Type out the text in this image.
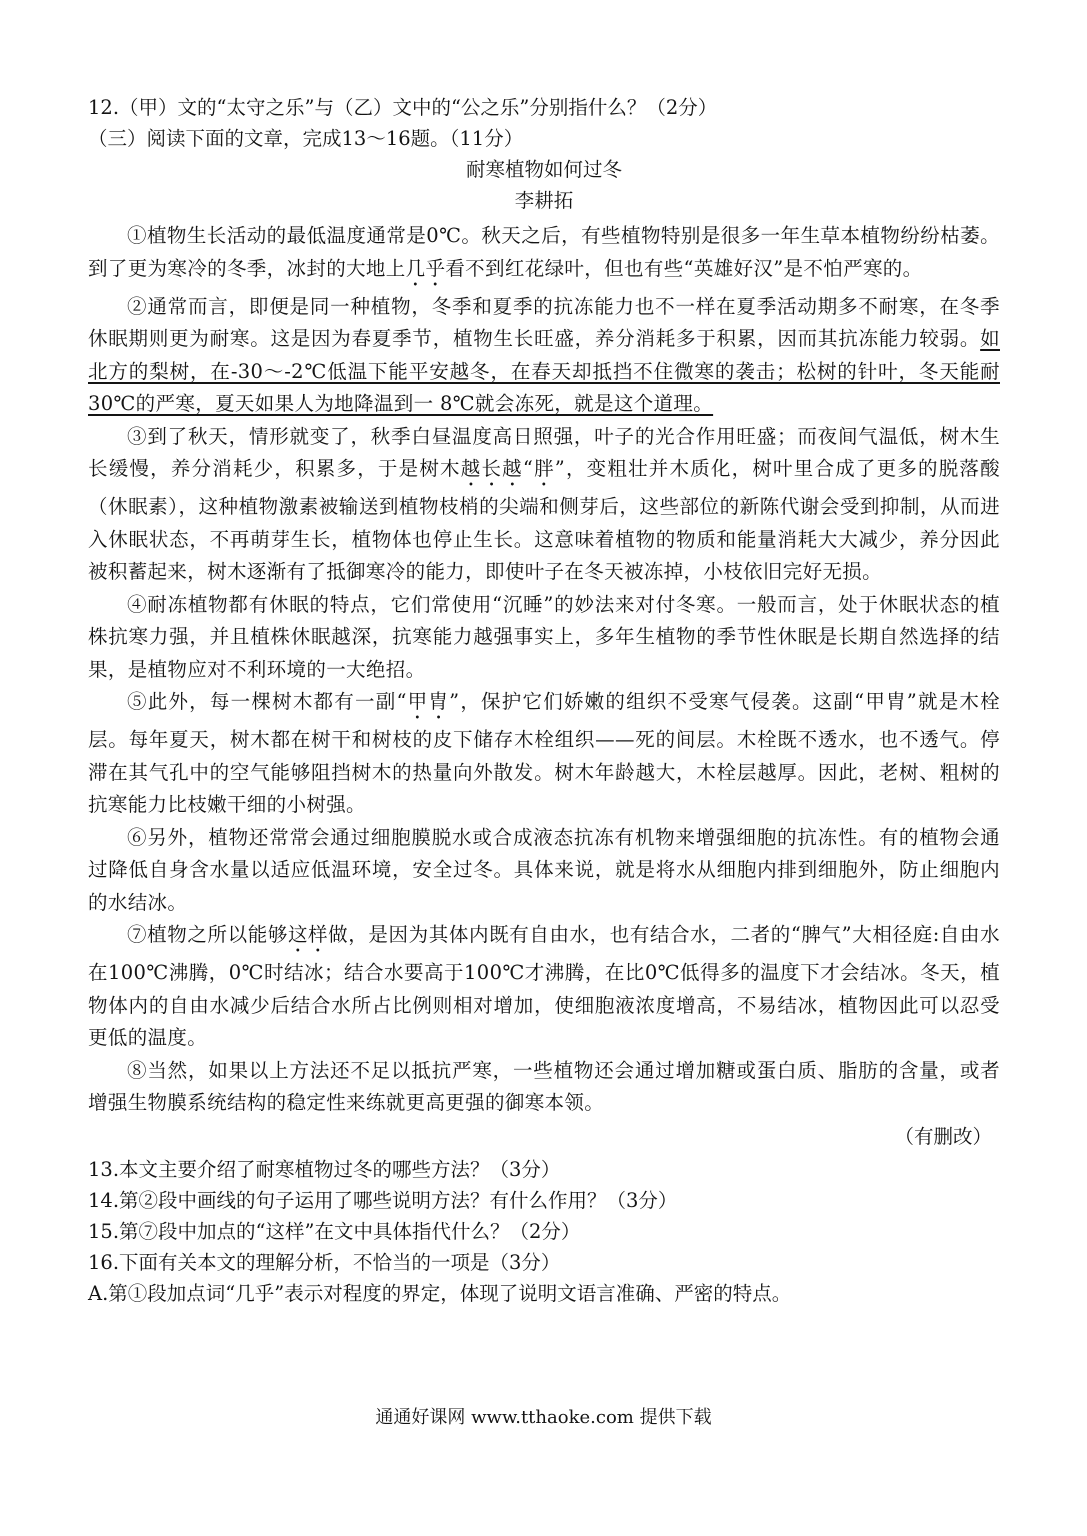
12.（甲）文的“太守之乐”与（乙）文中的“公之乐”分别指什么？（2分）
（三）阅读下面的文章，完成13～16题。（11分）
耐寒植物如何过冬
李耕拓

①植物生长活动的最低温度通常是0℃。秋天之后，有些植物特别是很多一年生草本植物纷纷枯萎。到了更为寒冷的冬季，冰封的大地上几乎看不到红花绿叶，但也有些“英雄好汉”是不怕严寒的。

②通常而言，即便是同一种植物，冬季和夏季的抗冻能力也不一样在夏季活动期多不耐寒，在冬季休眠期则更为耐寒。这是因为春夏季节，植物生长旺盛，养分消耗多于积累，因而其抗冻能力较弱。如北方的梨树，在-30～-2℃低温下能平安越冬，在春天却抵挡不住微寒的袭击；松树的针叶，冬天能耐30℃的严寒，夏天如果人为地降温到一 8℃就会冻死，就是这个道理。

③到了秋天，情形就变了，秋季白昼温度高日照强，叶子的光合作用旺盛；而夜间气温低，树木生长缓慢，养分消耗少，积累多，于是树木越长越“胖”，变粗壮并木质化，树叶里合成了更多的脱落酸（休眠素），这种植物激素被输送到植物枝梢的尖端和侧芽后，这些部位的新陈代谢会受到抑制，从而进入休眠状态，不再萌芽生长，植物体也停止生长。这意味着植物的物质和能量消耗大大减少，养分因此被积蓄起来，树木逐渐有了抵御寒冷的能力，即使叶子在冬天被冻掉，小枝依旧完好无损。

④耐冻植物都有休眠的特点，它们常使用“沉睡”的妙法来对付冬寒。一般而言，处于休眠状态的植株抗寒力强，并且植株休眠越深，抗寒能力越强事实上，多年生植物的季节性休眠是长期自然选择的结果，是植物应对不利环境的一大绝招。

⑤此外，每一棵树木都有一副“甲胄”，保护它们娇嫩的组织不受寒气侵袭。这副“甲胄”就是木栓层。每年夏天，树木都在树干和树枝的皮下储存木栓组织——死的间层。木栓既不透水，也不透气。停滞在其气孔中的空气能够阻挡树木的热量向外散发。树木年龄越大，木栓层越厚。因此，老树、粗树的抗寒能力比枝嫩干细的小树强。

⑥另外，植物还常常会通过细胞膜脱水或合成液态抗冻有机物来增强细胞的抗冻性。有的植物会通过降低自身含水量以适应低温环境，安全过冬。具体来说，就是将水从细胞内排到细胞外，防止细胞内的水结冰。

⑦植物之所以能够这样做，是因为其体内既有自由水，也有结合水，二者的“脾气”大相径庭:自由水在100℃沸腾，0℃时结冰；结合水要高于100℃才沸腾，在比0℃低得多的温度下才会结冰。冬天，植物体内的自由水减少后结合水所占比例则相对增加，使细胞液浓度增高，不易结冰，植物因此可以忍受更低的温度。

⑧当然，如果以上方法还不足以抵抗严寒，一些植物还会通过增加糖或蛋白质、脂肪的含量，或者增强生物膜系统结构的稳定性来练就更高更强的御寒本领。

（有删改）
13.本文主要介绍了耐寒植物过冬的哪些方法？（3分）
14.第②段中画线的句子运用了哪些说明方法？有什么作用？（3分）
15.第⑦段中加点的“这样”在文中具体指代什么？（2分）
16.下面有关本文的理解分析，不恰当的一项是（3分）
A.第①段加点词“几乎”表示对程度的界定，体现了说明文语言准确、严密的特点。
通通好课网 www.tthaoke.com 提供下载
